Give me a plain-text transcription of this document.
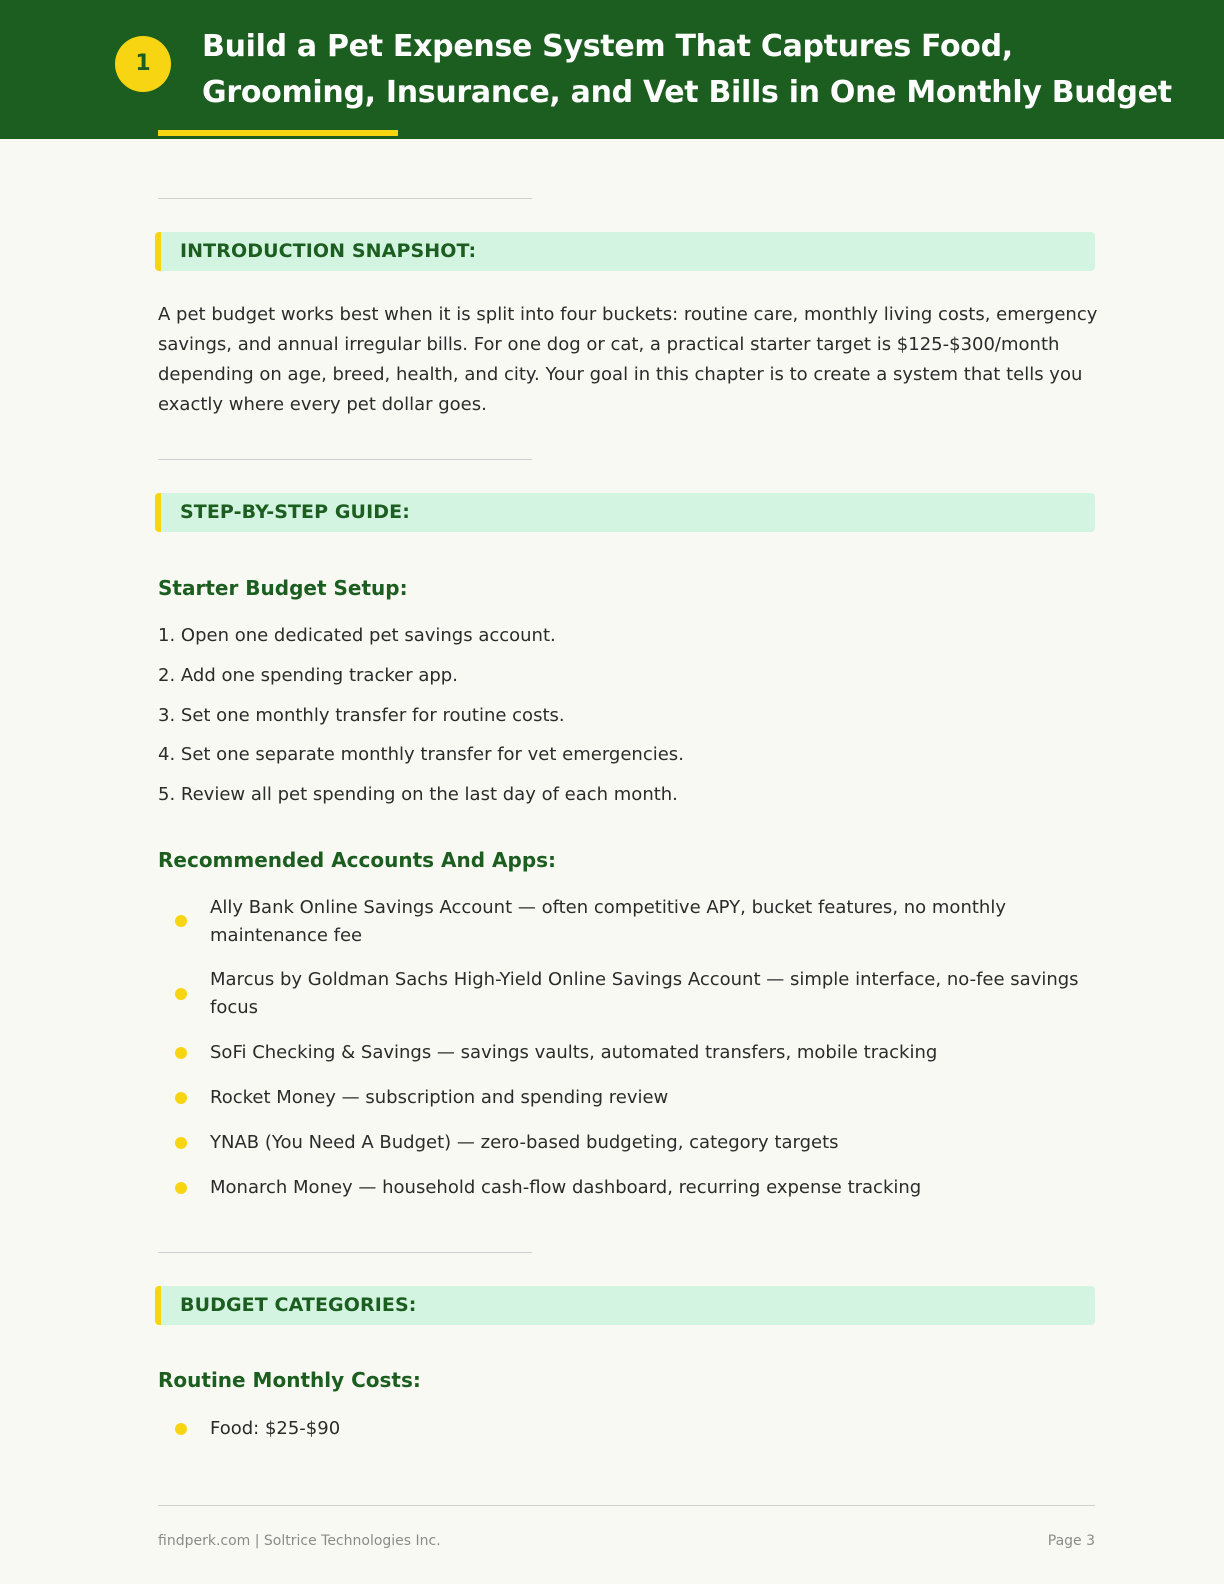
1	Build a Pet Expense System That Captures Food,
Grooming, Insurance, and Vet Bills in One Monthly Budget
INTRODUCTION SNAPSHOT:

A pet budget works best when it is split into four buckets: routine care, monthly living costs, emergency savings, and annual irregular bills. For one dog or cat, a practical starter target is $125-$300/month depending on age, breed, health, and city. Your goal in this chapter is to create a system that tells you exactly where every pet dollar goes.

STEP-BY-STEP GUIDE:
Starter Budget Setup:

1. Open one dedicated pet savings account.

2. Add one spending tracker app.

3. Set one monthly transfer for routine costs.

4. Set one separate monthly transfer for vet emergencies.

5. Review all pet spending on the last day of each month.

Recommended Accounts And Apps:
Ally Bank Online Savings Account — often competitive APY, bucket features, no monthly maintenance fee
Marcus by Goldman Sachs High-Yield Online Savings Account — simple interface, no-fee savings focus
SoFi Checking & Savings — savings vaults, automated transfers, mobile tracking
Rocket Money — subscription and spending review
YNAB (You Need A Budget) — zero-based budgeting, category targets
Monarch Money — household cash-flow dashboard, recurring expense tracking
BUDGET CATEGORIES:
Routine Monthly Costs:
Food: $25-$90
findperk.com | Soltrice Technologies Inc.	Page 3
